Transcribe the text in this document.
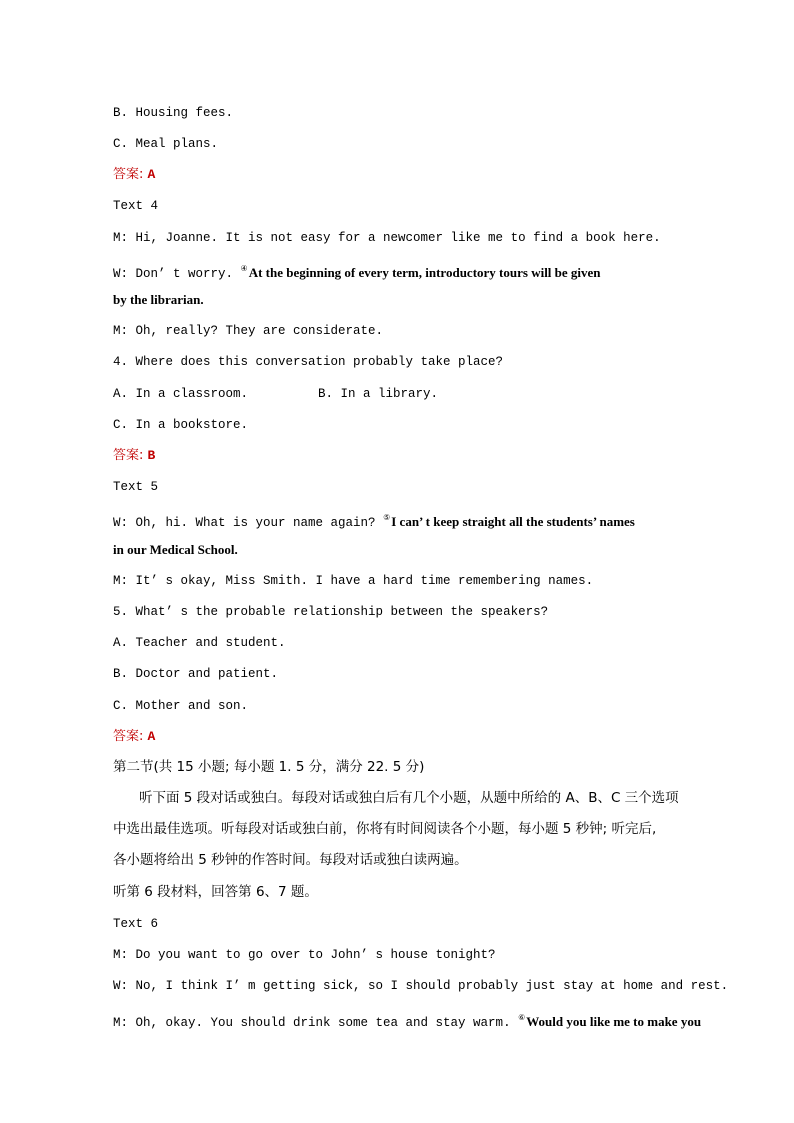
B. Housing fees.
C. Meal plans.
答案: A
Text 4
M: Hi, Joanne. It is not easy for a newcomer like me to find a book here.
W: Don’ t worry. ④At the beginning of every term, introductory tours will be given
by the librarian.
M: Oh, really? They are considerate.
4. Where does this conversation probably take place?
A. In a classroom.	B. In a library.
C. In a bookstore.
答案: B
Text 5
W: Oh, hi. What is your name again? ⑤I can’ t keep straight all the students’ names
in our Medical School.
M: It’ s okay, Miss Smith. I have a hard time remembering names.
5. What’ s the probable relationship between the speakers?
A. Teacher and student.
B. Doctor and patient.
C. Mother and son.
答案: A
第二节(共 15 小题; 每小题 1. 5 分，满分 22. 5 分)
听下面 5 段对话或独白。每段对话或独白后有几个小题，从题中所给的 A、B、C 三个选项
中选出最佳选项。听每段对话或独白前，你将有时间阅读各个小题，每小题 5 秒钟; 听完后,
各小题将给出 5 秒钟的作答时间。每段对话或独白读两遍。
听第 6 段材料，回答第 6、7 题。
Text 6
M: Do you want to go over to John’ s house tonight?
W: No, I think I’ m getting sick, so I should probably just stay at home and rest.
M: Oh, okay. You should drink some tea and stay warm. ⑥Would you like me to make you
